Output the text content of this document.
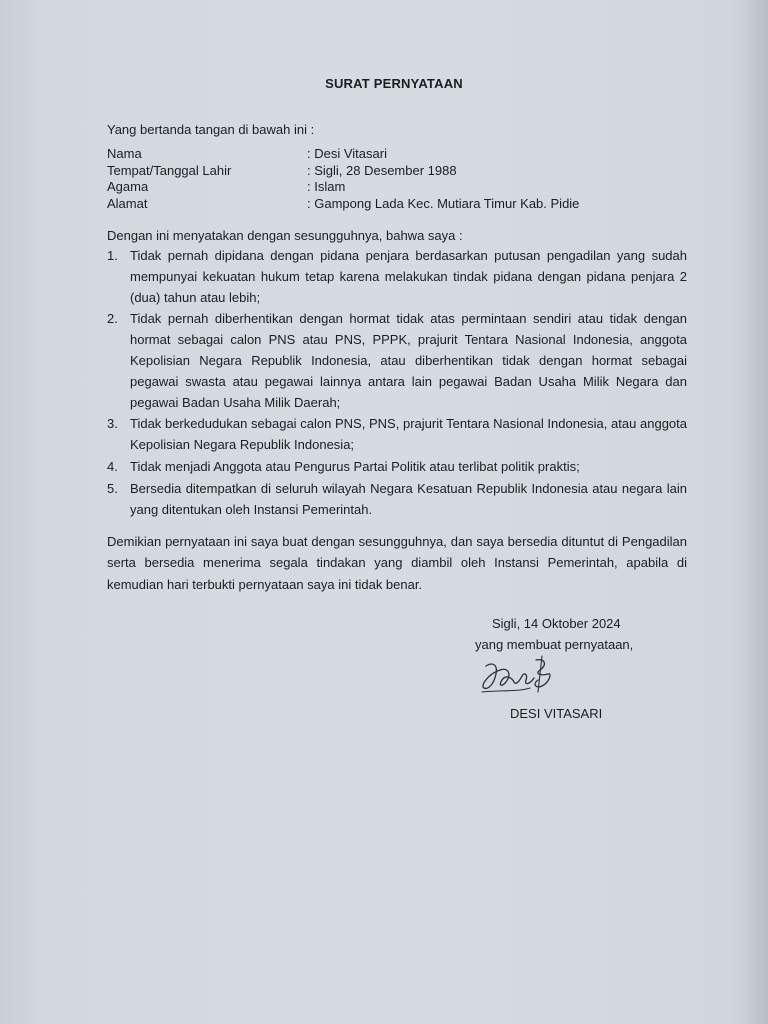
SURAT PERNYATAAN
Yang bertanda tangan di bawah ini :
Nama	: Desi Vitasari
Tempat/Tanggal Lahir	: Sigli, 28 Desember 1988
Agama	: Islam
Alamat	: Gampong Lada Kec. Mutiara Timur Kab. Pidie
Dengan ini menyatakan dengan sesungguhnya, bahwa saya :
1. Tidak pernah dipidana dengan pidana penjara berdasarkan putusan pengadilan yang sudah mempunyai kekuatan hukum tetap karena melakukan tindak pidana dengan pidana penjara 2 (dua) tahun atau lebih;
2. Tidak pernah diberhentikan dengan hormat tidak atas permintaan sendiri atau tidak dengan hormat sebagai calon PNS atau PNS, PPPK, prajurit Tentara Nasional Indonesia, anggota Kepolisian Negara Republik Indonesia, atau diberhentikan tidak dengan hormat sebagai pegawai swasta atau pegawai lainnya antara lain pegawai Badan Usaha Milik Negara dan pegawai Badan Usaha Milik Daerah;
3. Tidak berkedudukan sebagai calon PNS, PNS, prajurit Tentara Nasional Indonesia, atau anggota Kepolisian Negara Republik Indonesia;
4. Tidak menjadi Anggota atau Pengurus Partai Politik atau terlibat politik praktis;
5. Bersedia ditempatkan di seluruh wilayah Negara Kesatuan Republik Indonesia atau negara lain yang ditentukan oleh Instansi Pemerintah.
Demikian pernyataan ini saya buat dengan sesungguhnya, dan saya bersedia dituntut di Pengadilan serta bersedia menerima segala tindakan yang diambil oleh Instansi Pemerintah, apabila di kemudian hari terbukti pernyataan saya ini tidak benar.
Sigli, 14 Oktober 2024
yang membuat pernyataan,
DESI VITASARI
